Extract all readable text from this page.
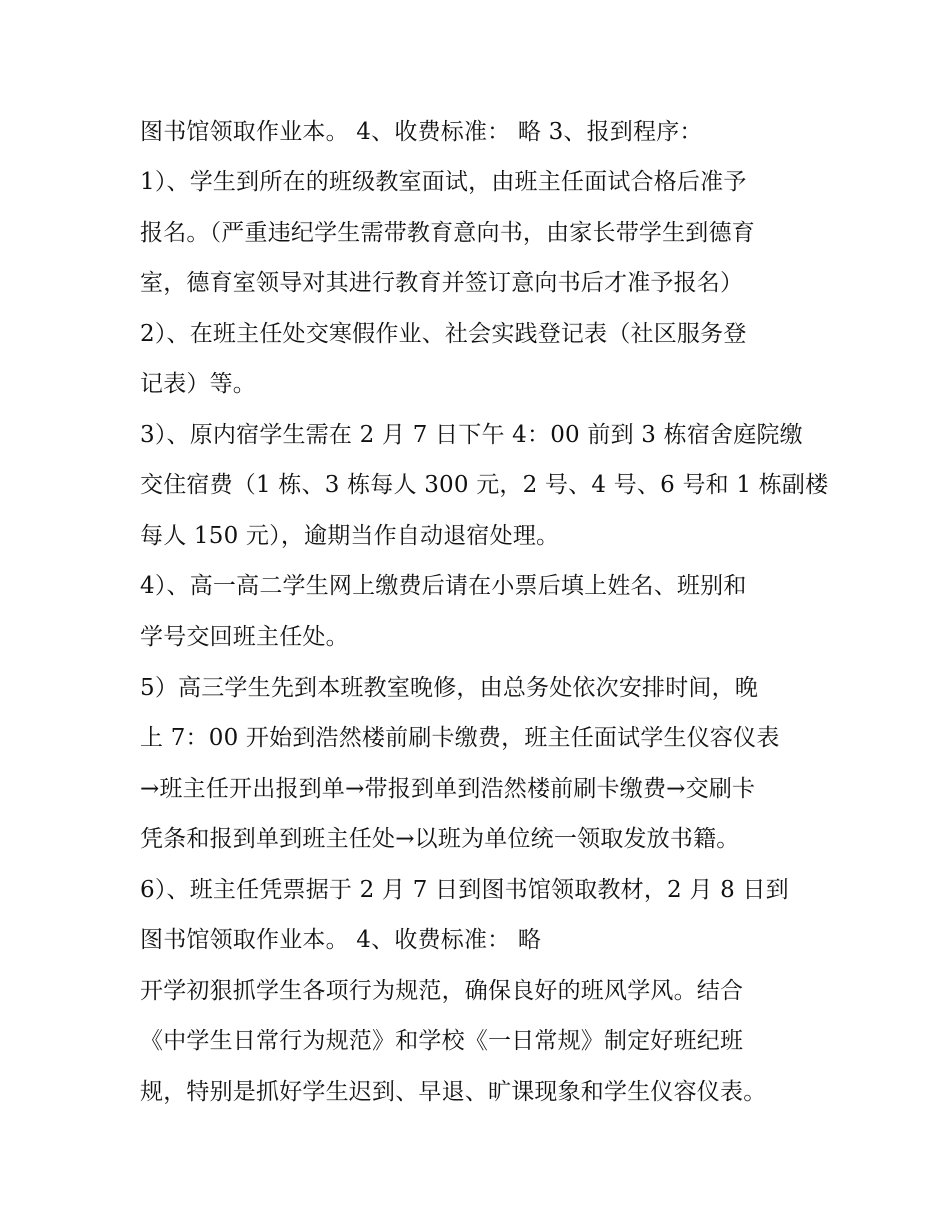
图书馆领取作业本。 4、收费标准： 略 3、报到程序：
1）、学生到所在的班级教室面试，由班主任面试合格后准予
报名。（严重违纪学生需带教育意向书，由家长带学生到德育
室，德育室领导对其进行教育并签订意向书后才准予报名）
2）、在班主任处交寒假作业、社会实践登记表（社区服务登
记表）等。
3）、原内宿学生需在 2 月 7 日下午 4：00 前到 3 栋宿舍庭院缴
交住宿费（1 栋、3 栋每人 300 元，2 号、4 号、6 号和 1 栋副楼
每人 150 元），逾期当作自动退宿处理。
4）、高一高二学生网上缴费后请在小票后填上姓名、班别和
学号交回班主任处。
5）高三学生先到本班教室晚修，由总务处依次安排时间，晚
上 7：00 开始到浩然楼前刷卡缴费，班主任面试学生仪容仪表
→班主任开出报到单→带报到单到浩然楼前刷卡缴费→交刷卡
凭条和报到单到班主任处→以班为单位统一领取发放书籍。
6）、班主任凭票据于 2 月 7 日到图书馆领取教材，2 月 8 日到
图书馆领取作业本。 4、收费标准： 略
开学初狠抓学生各项行为规范，确保良好的班风学风。结合
《中学生日常行为规范》和学校《一日常规》制定好班纪班
规，特别是抓好学生迟到、早退、旷课现象和学生仪容仪表。
